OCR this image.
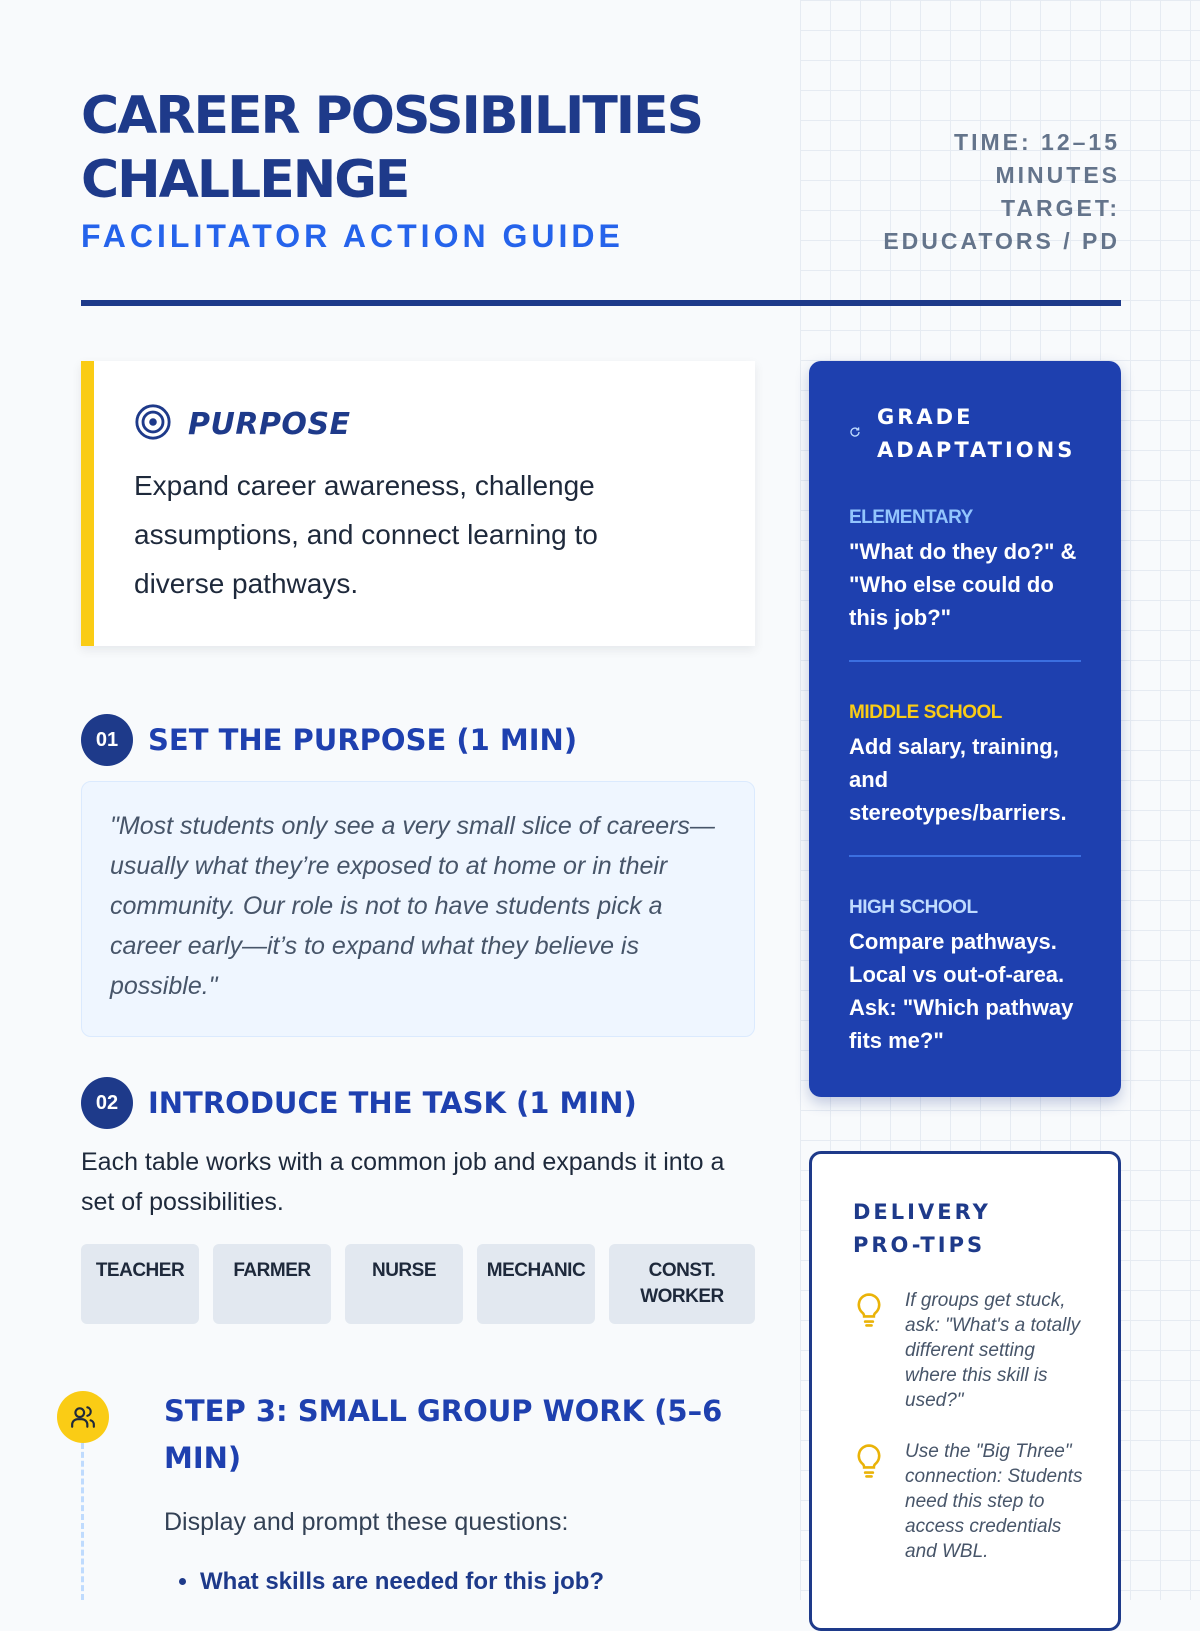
CAREER POSSIBILITIES
CHALLENGE
FACILITATOR ACTION GUIDE
TIME: 12–15 MINUTES
TARGET: EDUCATORS / PD
PURPOSE

Expand career awareness, challenge assumptions, and connect learning to diverse pathways.

01	SET THE PURPOSE (1 MIN)

"Most students only see a very small slice of careers—usually what they’re exposed to at home or in their community. Our role is not to have students pick a career early—it’s to expand what they believe is possible."

02	INTRODUCE THE TASK (1 MIN)

Each table works with a common job and expands it into a set of possibilities.

TEACHER	FARMER	NURSE	MECHANIC	CONST. WORKER
STEP 3: SMALL GROUP WORK (5–6 MIN)

Display and prompt these questions:

• What skills are needed for this job?
GRADE
ADAPTATIONS
ELEMENTARY
"What do they do?" & "Who else could do this job?"
MIDDLE SCHOOL
Add salary, training, and stereotypes/barriers.
HIGH SCHOOL
Compare pathways. Local vs out-of-area. Ask: "Which pathway fits me?"
DELIVERY PRO-TIPS
If groups get stuck, ask: "What's a totally different setting where this skill is used?"
Use the "Big Three" connection: Students need this step to access credentials and WBL.
